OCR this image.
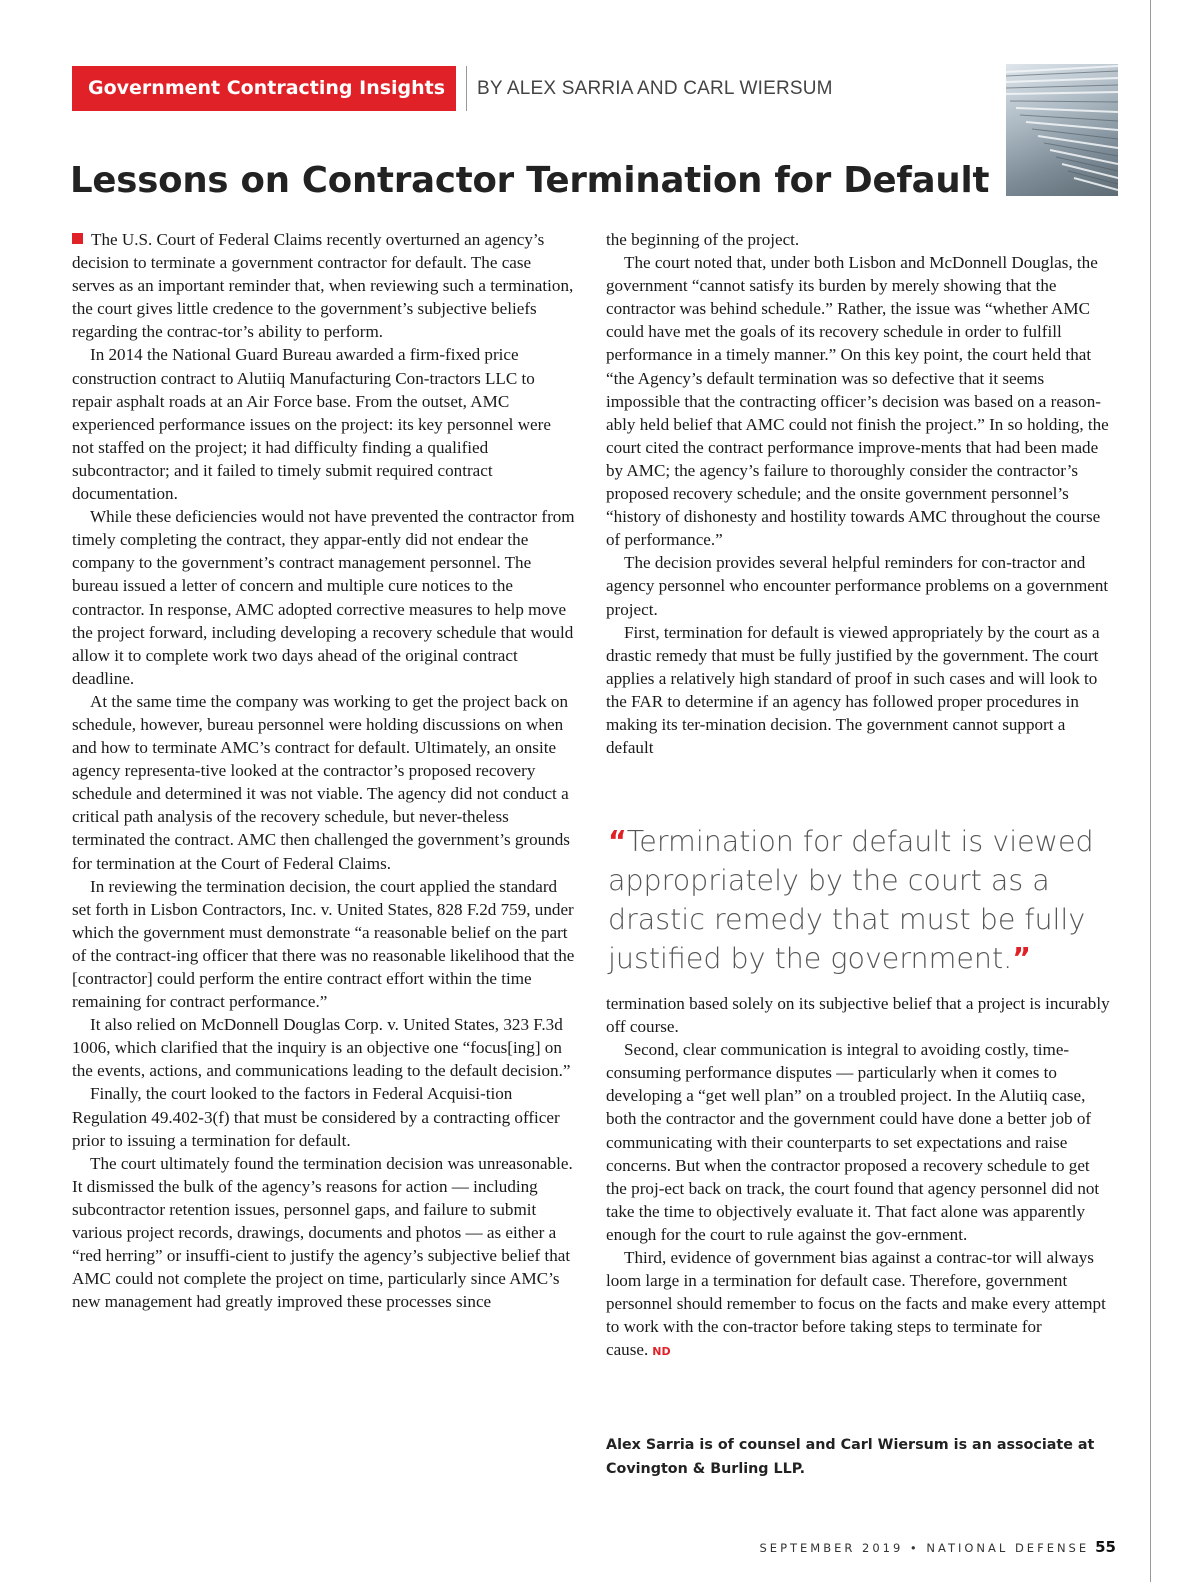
Government Contracting Insights	BY ALEX SARRIA AND CARL WIERSUM
Lessons on Contractor Termination for Default

The U.S. Court of Federal Claims recently overturned an agency’s decision to terminate a government contractor for default. The case serves as an important reminder that, when reviewing such a termination, the court gives little credence to the government’s subjective beliefs regarding the contrac-tor’s ability to perform.

In 2014 the National Guard Bureau awarded a firm-fixed price construction contract to Alutiiq Manufacturing Con-tractors LLC to repair asphalt roads at an Air Force base. From the outset, AMC experienced performance issues on the project: its key personnel were not staffed on the project; it had difficulty finding a qualified subcontractor; and it failed to timely submit required contract documentation.

While these deficiencies would not have prevented the contractor from timely completing the contract, they appar-ently did not endear the company to the government’s contract management personnel. The bureau issued a letter of concern and multiple cure notices to the contractor. In response, AMC adopted corrective measures to help move the project forward, including developing a recovery schedule that would allow it to complete work two days ahead of the original contract deadline.

At the same time the company was working to get the project back on schedule, however, bureau personnel were holding discussions on when and how to terminate AMC’s contract for default. Ultimately, an onsite agency representa-tive looked at the contractor’s proposed recovery schedule and determined it was not viable. The agency did not conduct a critical path analysis of the recovery schedule, but never-theless terminated the contract. AMC then challenged the government’s grounds for termination at the Court of Federal Claims.

In reviewing the termination decision, the court applied the standard set forth in Lisbon Contractors, Inc. v. United States, 828 F.2d 759, under which the government must demonstrate “a reasonable belief on the part of the contract-ing officer that there was no reasonable likelihood that the [contractor] could perform the entire contract effort within the time remaining for contract performance.”

It also relied on McDonnell Douglas Corp. v. United States, 323 F.3d 1006, which clarified that the inquiry is an objective one “focus[ing] on the events, actions, and communications leading to the default decision.”

Finally, the court looked to the factors in Federal Acquisi-tion Regulation 49.402-3(f) that must be considered by a contracting officer prior to issuing a termination for default.

The court ultimately found the termination decision was unreasonable. It dismissed the bulk of the agency’s reasons for action — including subcontractor retention issues, personnel gaps, and failure to submit various project records, drawings, documents and photos — as either a “red herring” or insuffi-cient to justify the agency’s subjective belief that AMC could not complete the project on time, particularly since AMC’s new management had greatly improved these processes since

the beginning of the project.

The court noted that, under both Lisbon and McDonnell Douglas, the government “cannot satisfy its burden by merely showing that the contractor was behind schedule.” Rather, the issue was “whether AMC could have met the goals of its recovery schedule in order to fulfill performance in a timely manner.” On this key point, the court held that “the Agency’s default termination was so defective that it seems impossible that the contracting officer’s decision was based on a reason-ably held belief that AMC could not finish the project.” In so holding, the court cited the contract performance improve-ments that had been made by AMC; the agency’s failure to thoroughly consider the contractor’s proposed recovery schedule; and the onsite government personnel’s “history of dishonesty and hostility towards AMC throughout the course of performance.”

The decision provides several helpful reminders for con-tractor and agency personnel who encounter performance problems on a government project.

First, termination for default is viewed appropriately by the court as a drastic remedy that must be fully justified by the government. The court applies a relatively high standard of proof in such cases and will look to the FAR to determine if an agency has followed proper procedures in making its ter-mination decision. The government cannot support a default

“Termination for default is viewed appropriately by the court as a drastic remedy that must be fully justified by the government.”

termination based solely on its subjective belief that a project is incurably off course.

Second, clear communication is integral to avoiding costly, time-consuming performance disputes — particularly when it comes to developing a “get well plan” on a troubled project. In the Alutiiq case, both the contractor and the government could have done a better job of communicating with their counterparts to set expectations and raise concerns. But when the contractor proposed a recovery schedule to get the proj-ect back on track, the court found that agency personnel did not take the time to objectively evaluate it. That fact alone was apparently enough for the court to rule against the gov-ernment.

Third, evidence of government bias against a contrac-tor will always loom large in a termination for default case. Therefore, government personnel should remember to focus on the facts and make every attempt to work with the con-tractor before taking steps to terminate for cause. ND

Alex Sarria is of counsel and Carl Wiersum is an associate at Covington & Burling LLP.

SEPTEMBER 2019 • NATIONAL DEFENSE 55
